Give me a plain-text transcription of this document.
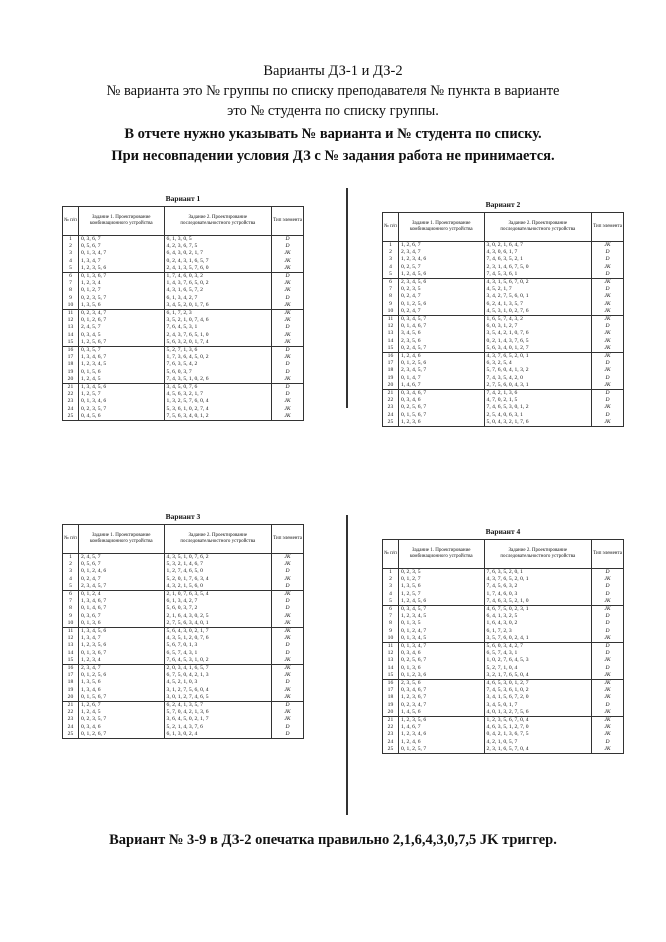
Варианты ДЗ-1 и ДЗ-2
№ варианта это № группы по списку преподавателя № пункта в варианте
это № студента по списку группы.
В отчете нужно указывать № варианта и № студента по списку.
При несовпадении условия ДЗ с № задания работа не принимается.
Вариант 1
№ п/п	Задание 1. Проектирование комбинационного устройства	Задание 2. Проектирование последовательностного устройства	Тип элемента
1	0, 3, 6, 7	6, 1, 3, 0, 5	D
2	0, 5, 6, 7	4, 2, 3, 6, 7, 5	D
3	0, 1, 3, 4, 7	6, 4, 3, 0, 2, 1, 7	JK
4	1, 3, 4, 7	0, 2, 4, 3, 1, 6, 5, 7	JK
5	1, 2, 3, 5, 6	2, 4, 1, 3, 5, 7, 6, 0	JK
6	0, 1, 3, 6, 7	1, 7, 4, 6, 0, 3, 2	D
7	1, 2, 3, 4	1, 4, 3, 7, 6, 5, 0, 2	JK
8	0, 1, 2, 7	4, 3, 1, 6, 5, 7, 2	JK
9	0, 2, 3, 5, 7	6, 1, 3, 4, 2, 7	D
10	1, 3, 5, 6	3, 4, 5, 2, 0, 1, 7, 6	JK
11	0, 2, 3, 4, 7	6, 1, 7, 2, 3	JK
12	0, 1, 2, 6, 7	3, 5, 2, 1, 0, 7, 4, 6	JK
13	2, 4, 5, 7	7, 6, 4, 5, 3, 1	D
14	0, 3, 4, 5	2, 4, 3, 7, 6, 5, 1, 0	JK
15	1, 2, 5, 6, 7	5, 6, 3, 2, 0, 1, 7, 4	JK
16	0, 3, 5, 7	5, 2, 7, 1, 3, 6	D
17	1, 3, 4, 6, 7	1, 7, 3, 6, 4, 5, 0, 2	JK
18	1, 2, 3, 4, 5	7, 6, 3, 5, 4, 2	D
19	0, 1, 5, 6	5, 6, 0, 3, 7	D
20	1, 2, 4, 5	7, 4, 3, 5, 1, 0, 2, 6	JK
21	1, 3, 4, 5, 6	3, 4, 5, 0, 7, 6	D
22	1, 2, 5, 7	4, 5, 6, 3, 2, 1, 7	D
23	0, 1, 3, 4, 6	1, 3, 2, 5, 7, 6, 0, 4	JK
24	0, 2, 3, 5, 7	5, 3, 6, 1, 0, 2, 7, 4	JK
25	0, 4, 5, 6	7, 5, 6, 3, 4, 0, 1, 2	JK
Вариант 2
№ п/п	Задание 1. Проектирование комбинационного устройства	Задание 2. Проектирование последовательностного устройства	Тип элемента
1	1, 2, 6, 7	3, 0, 2, 1, 6, 4, 7	JK
2	2, 3, 4, 7	4, 3, 0, 6, 1, 7	D
3	1, 2, 3, 4, 6	7, 4, 6, 3, 5, 2, 1	D
4	0, 2, 5, 7	2, 3, 1, 4, 6, 7, 5, 0	JK
5	1, 2, 4, 5, 6	7, 4, 5, 3, 6, 1	D
6	2, 3, 4, 5, 6	4, 3, 1, 5, 6, 7, 0, 2	JK
7	0, 2, 3, 5	4, 5, 2, 1, 7	D
8	0, 2, 4, 7	3, 4, 2, 7, 5, 6, 0, 1	JK
9	0, 1, 2, 5, 6	6, 2, 4, 1, 3, 5, 7	JK
10	0, 2, 4, 7	4, 5, 3, 1, 0, 2, 7, 6	JK
11	0, 3, 4, 5, 7	1, 6, 5, 7, 4, 3, 2	JK
12	0, 1, 4, 6, 7	6, 0, 3, 1, 2, 7	D
13	3, 4, 5, 6	3, 5, 4, 2, 1, 0, 7, 6	JK
14	2, 3, 5, 6	0, 2, 1, 4, 3, 7, 6, 5	JK
15	0, 2, 4, 5, 7	5, 6, 3, 4, 0, 1, 2, 7	JK
16	1, 2, 4, 6	4, 3, 7, 6, 5, 2, 0, 1	JK
17	0, 1, 2, 5, 6	6, 3, 2, 5, 4	D
18	2, 3, 4, 5, 7	5, 7, 6, 0, 4, 1, 3, 2	JK
19	0, 1, 4, 7	7, 4, 3, 5, 4, 2, 0	D
20	1, 4, 6, 7	2, 7, 5, 6, 0, 4, 3, 1	JK
21	0, 3, 4, 6, 7	7, 4, 2, 1, 3, 6	D
22	0, 3, 4, 6	4, 7, 0, 2, 1, 5	D
23	0, 2, 5, 6, 7	7, 4, 6, 5, 3, 0, 1, 2	JK
24	0, 1, 5, 6, 7	2, 5, 4, 0, 6, 3, 1	D
25	1, 2, 3, 6	5, 0, 4, 3, 2, 1, 7, 6	JK
Вариант 3
№ п/п	Задание 1. Проектирование комбинационного устройства	Задание 2. Проектирование последовательностного устройства	Тип элемента
1	2, 4, 5, 7	4, 3, 5, 1, 0, 7, 6, 2	JK
2	0, 5, 6, 7	5, 3, 2, 1, 4, 6, 7	JK
3	0, 1, 2, 4, 6	1, 2, 7, 4, 6, 5, 0	D
4	0, 2, 4, 7	5, 2, 0, 1, 7, 6, 3, 4	JK
5	2, 3, 4, 5, 7	4, 3, 2, 1, 5, 6, 0	D
6	0, 1, 2, 4	2, 1, 0, 7, 6, 3, 5, 4	JK
7	1, 3, 4, 6, 7	6, 1, 3, 4, 2, 7	D
8	0, 1, 4, 6, 7	5, 6, 0, 3, 7, 2	D
9	0, 3, 6, 7	2, 1, 6, 4, 3, 0, 2, 5	JK
10	0, 1, 3, 6	2, 7, 5, 6, 3, 4, 0, 1	JK
11	1, 3, 4, 5, 6	5, 6, 4, 3, 0, 2, 1, 7	JK
12	1, 3, 4, 7	4, 3, 5, 1, 2, 0, 7, 6	JK
13	1, 2, 3, 5, 6	5, 6, 7, 0, 1, 3	D
14	0, 1, 3, 6, 7	6, 5, 7, 4, 3, 1	D
15	1, 2, 3, 4	7, 6, 4, 5, 3, 1, 0, 2	JK
16	2, 3, 4, 7	2, 0, 3, 4, 1, 6, 5, 7	JK
17	0, 1, 2, 5, 6	6, 7, 5, 0, 4, 2, 1, 3	JK
18	1, 3, 5, 6	4, 5, 2, 1, 0, 3	D
19	1, 3, 4, 6	3, 1, 2, 7, 5, 6, 0, 4	JK
20	0, 1, 5, 6, 7	3, 0, 1, 2, 7, 4, 6, 5	JK
21	1, 2, 6, 7	6, 2, 4, 1, 3, 5, 7	D
22	1, 2, 4, 5	5, 7, 0, 4, 2, 1, 3, 6	JK
23	0, 2, 3, 5, 7	3, 6, 4, 5, 0, 2, 1, 7	JK
24	0, 3, 4, 6	5, 2, 1, 4, 3, 7, 6	D
25	0, 1, 2, 6, 7	6, 1, 3, 0, 2, 4	D
Вариант 4
№ п/п	Задание 1. Проектирование комбинационного устройства	Задание 2. Проектирование последовательностного устройства	Тип элемента
1	0, 2, 3, 5	7, 6, 3, 5, 2, 0, 1	D
2	0, 1, 2, 7	4, 3, 7, 6, 5, 2, 0, 1	JK
3	1, 3, 5, 6	7, 4, 5, 6, 3, 2	D
4	1, 2, 5, 7	1, 7, 4, 6, 0, 3	D
5	1, 2, 4, 5, 6	7, 4, 6, 3, 5, 2, 1, 0	JK
6	0, 3, 4, 5, 7	4, 6, 7, 5, 0, 2, 3, 1	JK
7	1, 2, 3, 4, 5	6, 4, 1, 3, 2, 5	D
8	0, 1, 3, 5	1, 6, 4, 3, 0, 2	D
9	0, 1, 2, 4, 7	6, 1, 7, 2, 3	D
10	0, 1, 3, 4, 5	3, 5, 7, 6, 0, 2, 4, 1	JK
11	0, 1, 3, 4, 7	5, 6, 0, 3, 4, 2, 7	D
12	0, 3, 4, 6	6, 5, 7, 4, 3, 1	D
13	0, 2, 5, 6, 7	1, 0, 2, 7, 6, 4, 5, 3	JK
14	0, 1, 3, 6	5, 2, 7, 1, 0, 4	D
15	0, 1, 2, 3, 6	3, 2, 1, 7, 6, 5, 0, 4	JK
16	2, 3, 5, 6	4, 6, 5, 3, 0, 1, 2, 7	JK
17	0, 3, 4, 6, 7	7, 4, 5, 3, 6, 1, 0, 2	JK
18	1, 2, 3, 6, 7	3, 4, 1, 5, 6, 7, 2, 0	JK
19	0, 2, 3, 4, 7	3, 4, 5, 0, 1, 7	D
20	1, 4, 5, 6	4, 0, 1, 3, 2, 7, 5, 6	JK
21	1, 2, 3, 5, 6	1, 2, 3, 5, 6, 7, 0, 4	JK
22	1, 4, 6, 7	4, 6, 3, 5, 1, 2, 7, 0	JK
23	1, 2, 3, 4, 6	0, 4, 2, 1, 3, 6, 7, 5	JK
24	1, 2, 4, 6	4, 2, 1, 0, 5, 7	D
25	0, 1, 2, 5, 7	2, 3, 1, 6, 5, 7, 0, 4	JK
Вариант № 3-9 в ДЗ-2 опечатка правильно 2,1,6,4,3,0,7,5 JK триггер.
